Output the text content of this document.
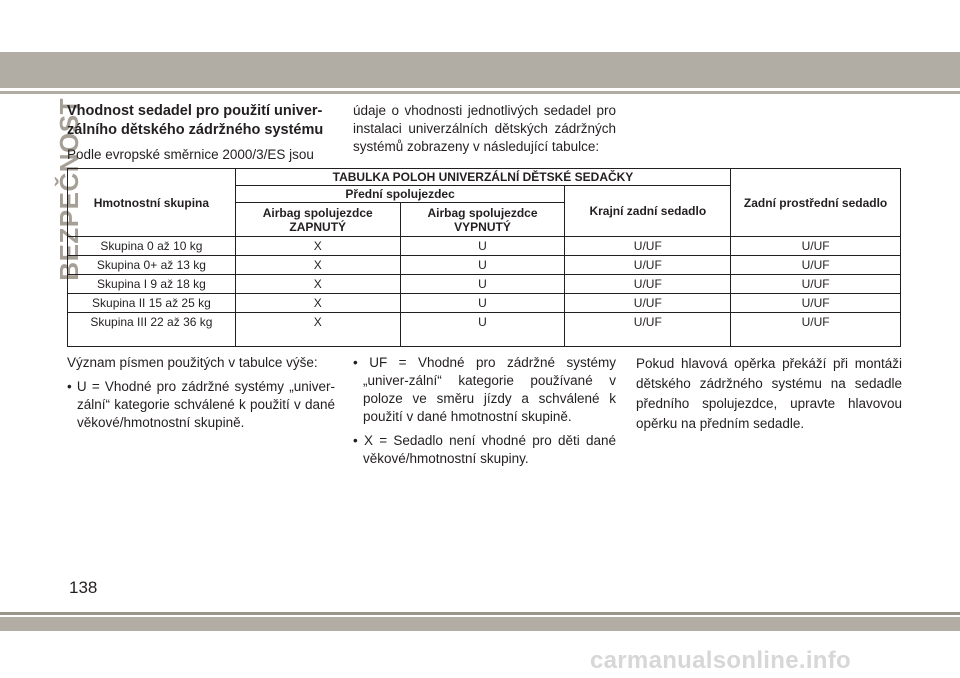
BEZPEČNOST
Vhodnost sedadel pro použití univer-zálního dětského zádržného systému
Podle evropské směrnice 2000/3/ES jsou
údaje o vhodnosti jednotlivých sedadel pro instalaci univerzálních dětských zádržných systémů zobrazeny v následující tabulce:
Hmotnostní skupina	TABULKA POLOH UNIVERZÁLNÍ DĚTSKÉ SEDAČKY			Zadní prostřední sedadlo
	Přední spolujezdec		Krajní zadní sedadlo	
	Airbag spolujezdce ZAPNUTÝ	Airbag spolujezdce VYPNUTÝ		
Skupina 0 až 10 kg	X	U	U/UF	U/UF
Skupina 0+ až 13 kg	X	U	U/UF	U/UF
Skupina I 9 až 18 kg	X	U	U/UF	U/UF
Skupina II 15 až 25 kg	X	U	U/UF	U/UF
Skupina III 22 až 36 kg	X	U	U/UF	U/UF
Význam písmen použitých v tabulce výše:
• U = Vhodné pro zádržné systémy „univer-zální“ kategorie schválené k použití v dané věkové/hmotnostní skupině.
• UF = Vhodné pro zádržné systémy „univer-zální“ kategorie používané v poloze ve směru jízdy a schválené k použití v dané hmotnostní skupině.
• X = Sedadlo není vhodné pro děti dané věkové/hmotnostní skupiny.
Pokud hlavová opěrka překáží při montáži dětského zádržného systému na sedadle předního spolujezdce, upravte hlavovou opěrku na předním sedadle.
138
carmanualsonline.info
